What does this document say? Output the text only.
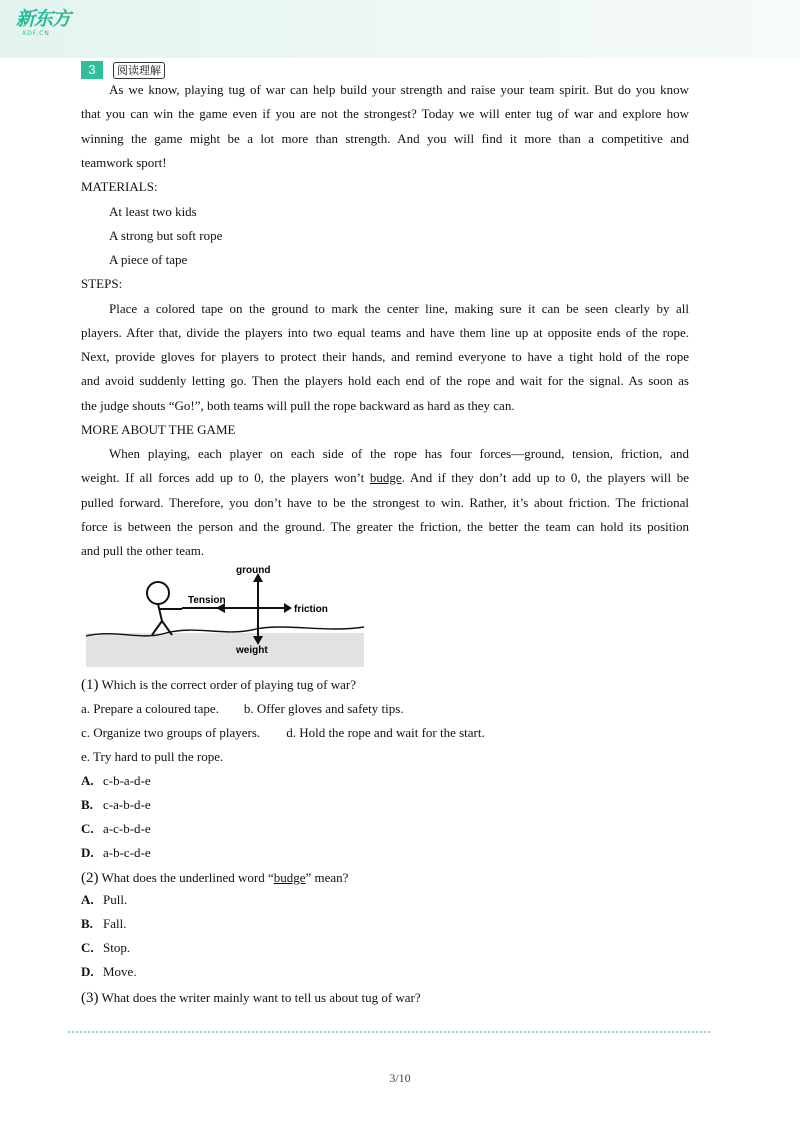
新东方
XDF.CN
3	阅读理解
As we know, playing tug of war can help build your strength and raise your team spirit. But do you know
that you can win the game even if you are not the strongest? Today we will enter tug of war and explore how
winning the game might be a lot more than strength. And you will find it more than a competitive and
teamwork sport!
MATERIALS:
At least two kids
A strong but soft rope
A piece of tape
STEPS:
Place a colored tape on the ground to mark the center line, making sure it can be seen clearly by all
players. After that, divide the players into two equal teams and have them line up at opposite ends of the rope.
Next, provide gloves for players to protect their hands, and remind everyone to have a tight hold of the rope
and avoid suddenly letting go. Then the players hold each end of the rope and wait for the signal. As soon as
the judge shouts “Go!”, both teams will pull the rope backward as hard as they can.
MORE ABOUT THE GAME
When playing, each player on each side of the rope has four forces—ground, tension, friction, and
weight. If all forces add up to 0, the players won’t budge. And if they don’t add up to 0, the players will be
pulled forward. Therefore, you don’t have to be the strongest to win. Rather, it’s about friction. The frictional
force is between the person and the ground. The greater the friction, the better the team can hold its position
and pull the other team.
ground
Tension
friction
weight
(1) Which is the correct order of playing tug of war?
a. Prepare a coloured tape. b. Offer gloves and safety tips.
c. Organize two groups of players. d. Hold the rope and wait for the start.
e. Try hard to pull the rope.
A. c-b-a-d-e
B. c-a-b-d-e
C. a-c-b-d-e
D. a-b-c-d-e
(2) What does the underlined word “budge” mean?
A. Pull.
B. Fall.
C. Stop.
D. Move.
(3) What does the writer mainly want to tell us about tug of war?
3/10
